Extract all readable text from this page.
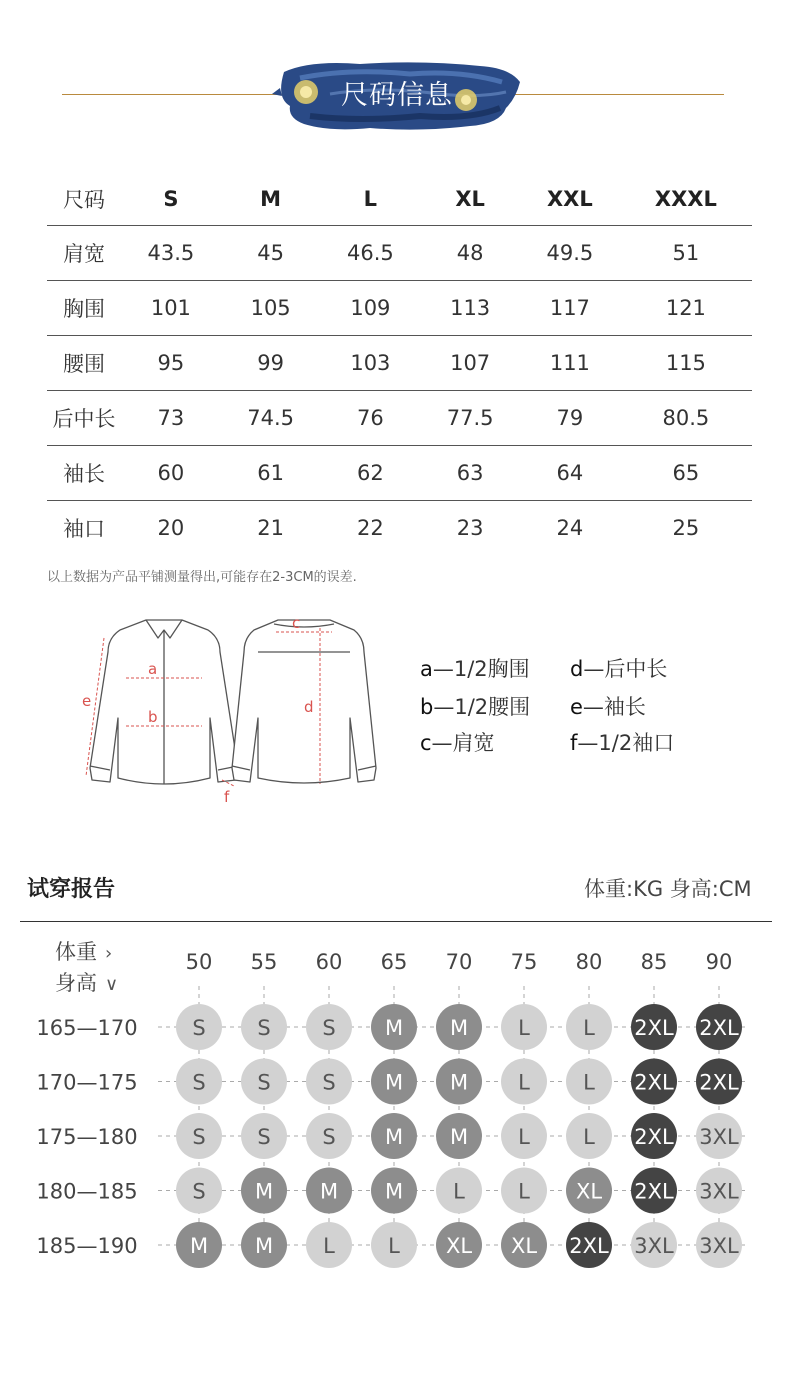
尺码信息
尺码	S	M	L	XL	XXL	XXXL
肩宽	43.5	45	46.5	48	49.5	51
胸围	101	105	109	113	117	121
腰围	95	99	103	107	111	115
后中长	73	74.5	76	77.5	79	80.5
袖长	60	61	62	63	64	65
袖口	20	21	22	23	24	25
以上数据为产品平铺测量得出,可能存在2-3CM的误差.
a
b
c
d
e
f
a—1/2胸围 d—后中长
b—1/2腰围 e—袖长
c—肩宽	f—1/2袖口
试穿报告	体重:KG 身高:CM
体重 ›
身高 ∨
50 55 60 65 70 75 80 85 90
165—170	S S S M M L	L 2XL 2XL
170—175	S S S M M L	L 2XL 2XL
175—180	S S S M M L	L 2XL 3XL
180—185	S M M M L	L XL 2XL 3XL
185—190 M M L	L XL XL 2XL 3XL 3XL
